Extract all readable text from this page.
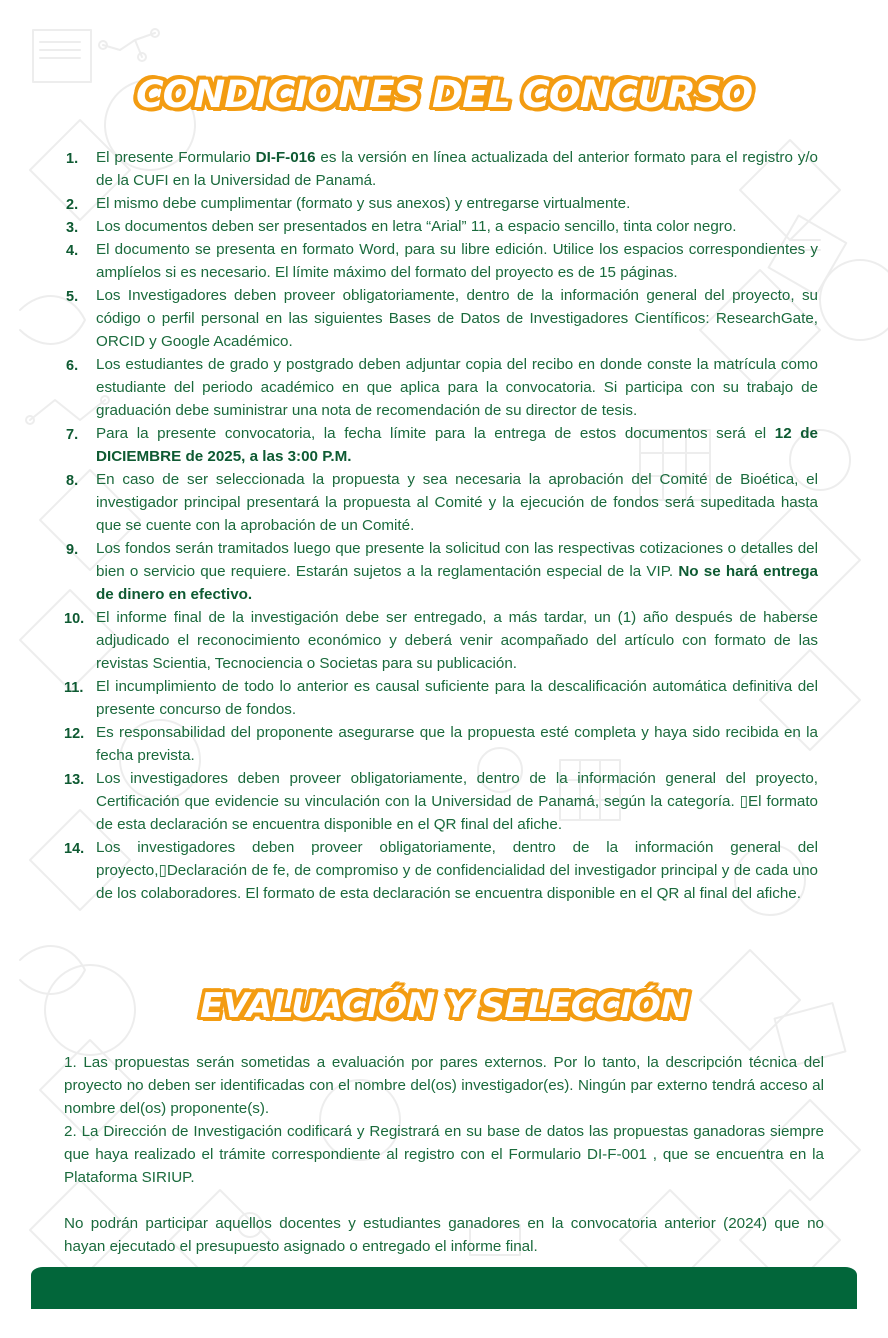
CONDICIONES DEL CONCURSO
1. El presente Formulario DI-F-016 es la versión en línea actualizada del anterior formato para el registro y/o de la CUFI en la Universidad de Panamá.
2. El mismo debe cumplimentar (formato y sus anexos) y entregarse virtualmente.
3. Los documentos deben ser presentados en letra “Arial” 11, a espacio sencillo, tinta color negro.
4. El documento se presenta en formato Word, para su libre edición. Utilice los espacios correspondientes y amplíelos si es necesario. El límite máximo del formato del proyecto es de 15 páginas.
5. Los Investigadores deben proveer obligatoriamente, dentro de la información general del proyecto, su código o perfil personal en las siguientes Bases de Datos de Investigadores Científicos: ResearchGate, ORCID y Google Académico.
6. Los estudiantes de grado y postgrado deben adjuntar copia del recibo en donde conste la matrícula como estudiante del periodo académico en que aplica para la convocatoria. Si participa con su trabajo de graduación debe suministrar una nota de recomendación de su director de tesis.
7. Para la presente convocatoria, la fecha límite para la entrega de estos documentos será el 12 de DICIEMBRE de 2025, a las 3:00 P.M.
8. En caso de ser seleccionada la propuesta y sea necesaria la aprobación del Comité de Bioética, el investigador principal presentará la propuesta al Comité y la ejecución de fondos será supeditada hasta que se cuente con la aprobación de un Comité.
9. Los fondos serán tramitados luego que presente la solicitud con las respectivas cotizaciones o detalles del bien o servicio que requiere. Estarán sujetos a la reglamentación especial de la VIP. No se hará entrega de dinero en efectivo.
10. El informe final de la investigación debe ser entregado, a más tardar, un (1) año después de haberse adjudicado el reconocimiento económico y deberá venir acompañado del artículo con formato de las revistas Scientia, Tecnociencia o Societas para su publicación.
11. El incumplimiento de todo lo anterior es causal suficiente para la descalificación automática definitiva del presente concurso de fondos.
12. Es responsabilidad del proponente asegurarse que la propuesta esté completa y haya sido recibida en la fecha prevista.
13. Los investigadores deben proveer obligatoriamente, dentro de la información general del proyecto, Certificación que evidencie su vinculación con la Universidad de Panamá, según la categoría. ▯El formato de esta declaración se encuentra disponible en el QR final del afiche.
14. Los investigadores deben proveer obligatoriamente, dentro de la información general del proyecto,▯Declaración de fe, de compromiso y de confidencialidad del investigador principal y de cada uno de los colaboradores. El formato de esta declaración se encuentra disponible en el QR al final del afiche.
EVALUACIÓN Y SELECCIÓN

1. Las propuestas serán sometidas a evaluación por pares externos. Por lo tanto, la descripción técnica del proyecto no deben ser identificadas con el nombre del(os) investigador(es). Ningún par externo tendrá acceso al nombre del(os) proponente(s).

2. La Dirección de Investigación codificará y Registrará en su base de datos las propuestas ganadoras siempre que haya realizado el trámite correspondiente al registro con el Formulario DI-F-001 , que se encuentra en la Plataforma SIRIUP.

No podrán participar aquellos docentes y estudiantes ganadores en la convocatoria anterior (2024) que no hayan ejecutado el presupuesto asignado o entregado el informe final.
